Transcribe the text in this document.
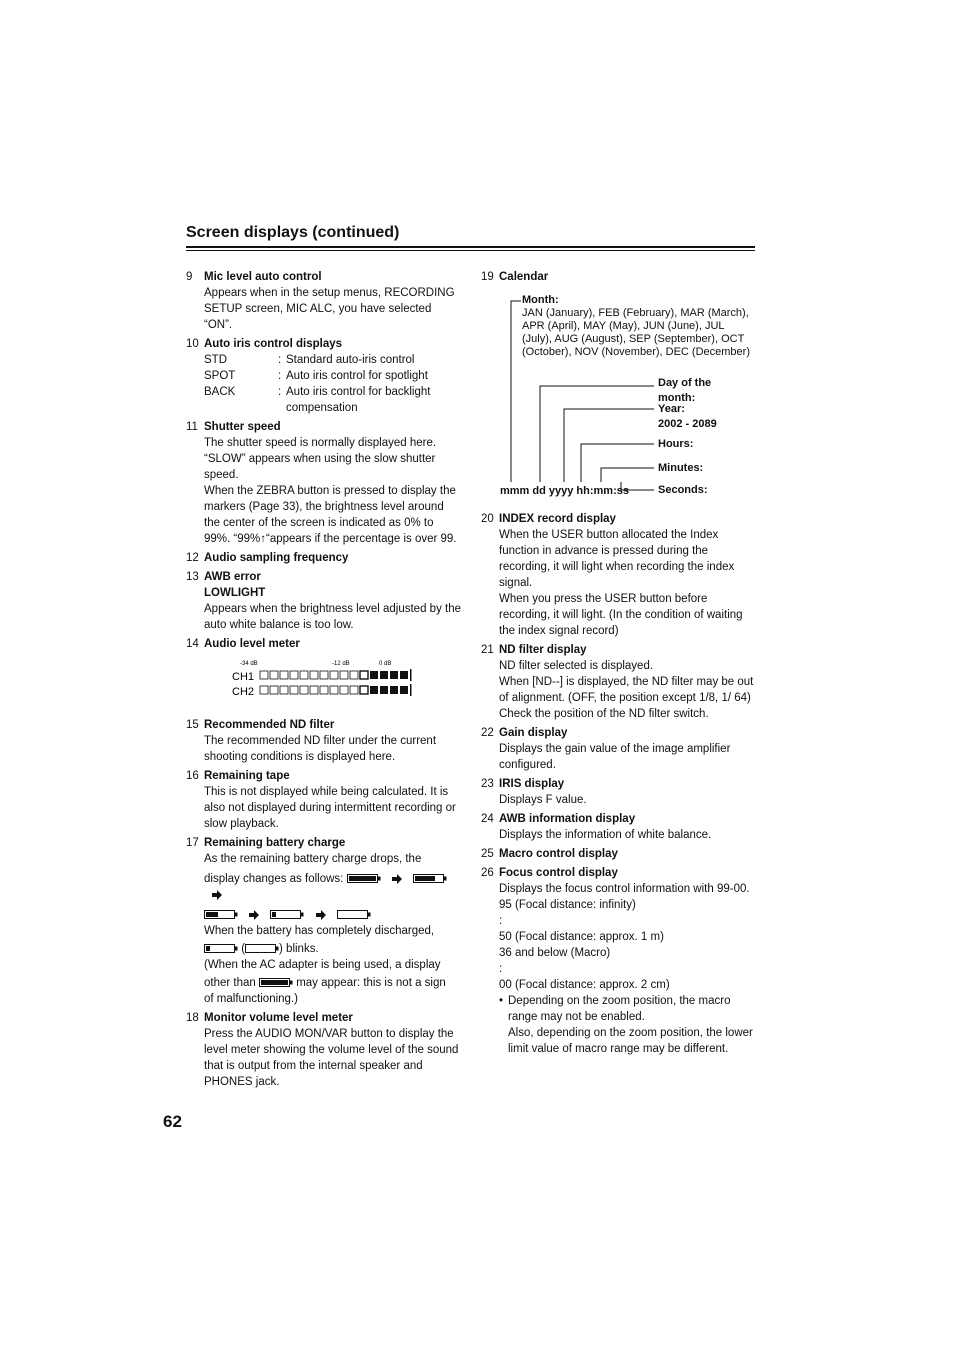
Screen displays (continued)
9	Mic level auto control
Appears when in the setup menus, RECORDING SETUP screen, MIC ALC, you have selected “ON”.
10 Auto iris control displays
STD	: Standard auto-iris control
SPOT	: Auto iris control for spotlight
BACK	: Auto iris control for backlight compensation
11 Shutter speed
The shutter speed is normally displayed here. “SLOW” appears when using the slow shutter speed.
When the ZEBRA button is pressed to display the markers (Page 33), the brightness level around the center of the screen is indicated as 0% to 99%. “99%↑“appears if the percentage is over 99.
12 Audio sampling frequency
13 AWB error
LOWLIGHT
Appears when the brightness level adjusted by the auto white balance is too low.
14 Audio level meter
-34 dB	-12 dB	0 dB
CH1
CH2
15 Recommended ND filter
The recommended ND filter under the current shooting conditions is displayed here.
16 Remaining tape
This is not displayed while being calculated. It is also not displayed during intermittent recording or slow playback.
17 Remaining battery charge
As the remaining battery charge drops, the
display changes as follows:

When the battery has completely discharged,
(	) blinks.
(When the AC adapter is being used, a display
other than	may appear: this is not a sign
of malfunctioning.)
18 Monitor volume level meter
Press the AUDIO MON/VAR button to display the level meter showing the volume level of the sound that is output from the internal speaker and PHONES jack.
19 Calendar
Month:
JAN (January), FEB (February), MAR (March), APR (April), MAY (May), JUN (June), JUL (July), AUG (August), SEP (September), OCT (October), NOV (November), DEC (December)
Day of the
month:
Year:
2002 - 2089
Hours:
Minutes:
Seconds:
mmm dd yyyy hh:mm:ss
20 INDEX record display
When the USER button allocated the Index function in advance is pressed during the recording, it will light when recording the index signal.
When you press the USER button before recording, it will light. (In the condition of waiting the index signal record)
21 ND filter display
ND filter selected is displayed.
When [ND--] is displayed, the ND filter may be out of alignment. (OFF, the position except 1/8, 1/ 64)
Check the position of the ND filter switch.
22 Gain display
Displays the gain value of the image amplifier configured.
23 IRIS display
Displays F value.
24 AWB information display
Displays the information of white balance.
25 Macro control display
26 Focus control display
Displays the focus control information with 99-00.
95 (Focal distance: infinity)
:
50 (Focal distance: approx. 1 m)
36 and below (Macro)
:
00 (Focal distance: approx. 2 cm)
• Depending on the zoom position, the macro range may not be enabled.
Also, depending on the zoom position, the lower limit value of macro range may be different.
62
